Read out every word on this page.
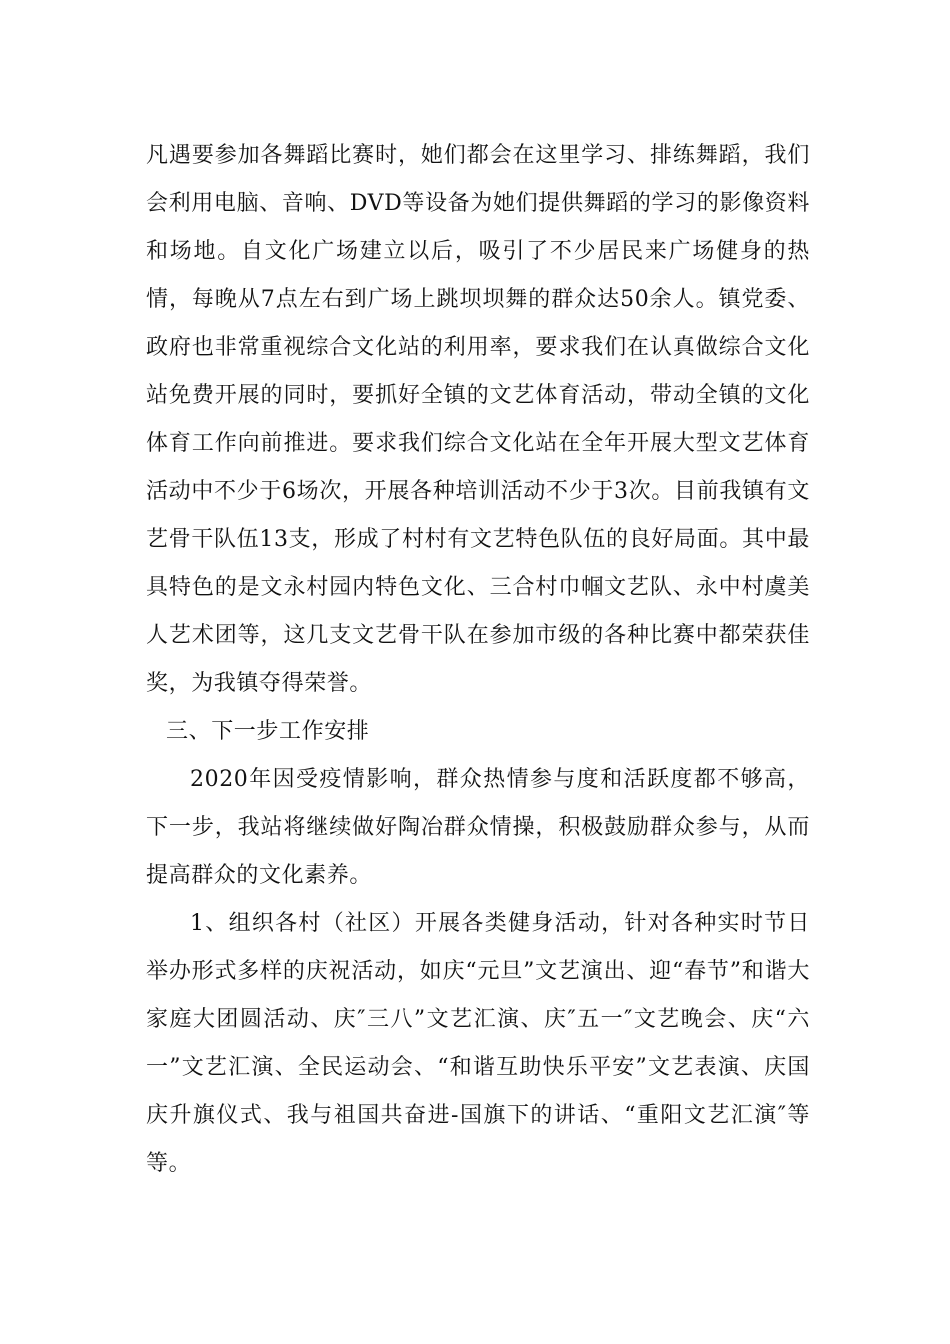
凡遇要参加各舞蹈比赛时，她们都会在这里学习、排练舞蹈，我们会利用电脑、音响、DVD等设备为她们提供舞蹈的学习的影像资料和场地。自文化广场建立以后，吸引了不少居民来广场健身的热情，每晚从7点左右到广场上跳坝坝舞的群众达50余人。镇党委、政府也非常重视综合文化站的利用率，要求我们在认真做综合文化站免费开展的同时，要抓好全镇的文艺体育活动，带动全镇的文化体育工作向前推进。要求我们综合文化站在全年开展大型文艺体育活动中不少于6场次，开展各种培训活动不少于3次。目前我镇有文艺骨干队伍13支，形成了村村有文艺特色队伍的良好局面。其中最具特色的是文永村园内特色文化、三合村巾帼文艺队、永中村虞美人艺术团等，这几支文艺骨干队在参加市级的各种比赛中都荣获佳奖，为我镇夺得荣誉。

三、下一步工作安排

2020年因受疫情影响，群众热情参与度和活跃度都不够高，下一步，我站将继续做好陶冶群众情操，积极鼓励群众参与，从而提高群众的文化素养。

1、组织各村（社区）开展各类健身活动，针对各种实时节日举办形式多样的庆祝活动，如庆“元旦”文艺演出、迎“春节”和谐大家庭大团圆活动、庆″三八”文艺汇演、庆″五一″文艺晚会、庆“六一”文艺汇演、全民运动会、“和谐互助快乐平安”文艺表演、庆国庆升旗仪式、我与祖国共奋进-国旗下的讲话、“重阳文艺汇演″等等。
